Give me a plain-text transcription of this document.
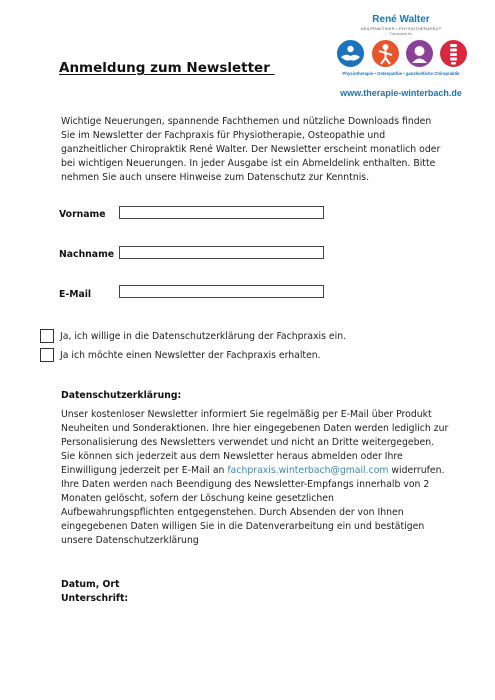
René Walter
HEILPRAKTIKER • PHYSIOTHERAPEUT
Fachpraxis für
Physiotherapie • Osteopathie • ganzheitliche Chiropraktik
www.therapie-winterbach.de
Anmeldung zum Newsletter

Wichtige Neuerungen, spannende Fachthemen und nützliche Downloads finden Sie im Newsletter der Fachpraxis für Physiotherapie, Osteopathie und ganzheitlicher Chiropraktik René Walter. Der Newsletter erscheint monatlich oder bei wichtigen Neuerungen. In jeder Ausgabe ist ein Abmeldelink enthalten. Bitte nehmen Sie auch unsere Hinweise zum Datenschutz zur Kenntnis.

Vorname
Nachname
E-Mail
Ja, ich willige in die Datenschutzerklärung der Fachpraxis ein.
Ja ich möchte einen Newsletter der Fachpraxis erhalten.
Datenschutzerklärung:

Unser kostenloser Newsletter informiert Sie regelmäßig per E-Mail über Produkt Neuheiten und Sonderaktionen. Ihre hier eingegebenen Daten werden lediglich zur Personalisierung des Newsletters verwendet und nicht an Dritte weitergegeben. Sie können sich jederzeit aus dem Newsletter heraus abmelden oder Ihre Einwilligung jederzeit per E-Mail an fachpraxis.winterbach@gmail.com widerrufen. Ihre Daten werden nach Beendigung des Newsletter-Empfangs innerhalb von 2 Monaten gelöscht, sofern der Löschung keine gesetzlichen Aufbewahrungspflichten entgegenstehen. Durch Absenden der von Ihnen eingegebenen Daten willigen Sie in die Datenverarbeitung ein und bestätigen unsere Datenschutzerklärung

Datum, Ort
Unterschrift:
